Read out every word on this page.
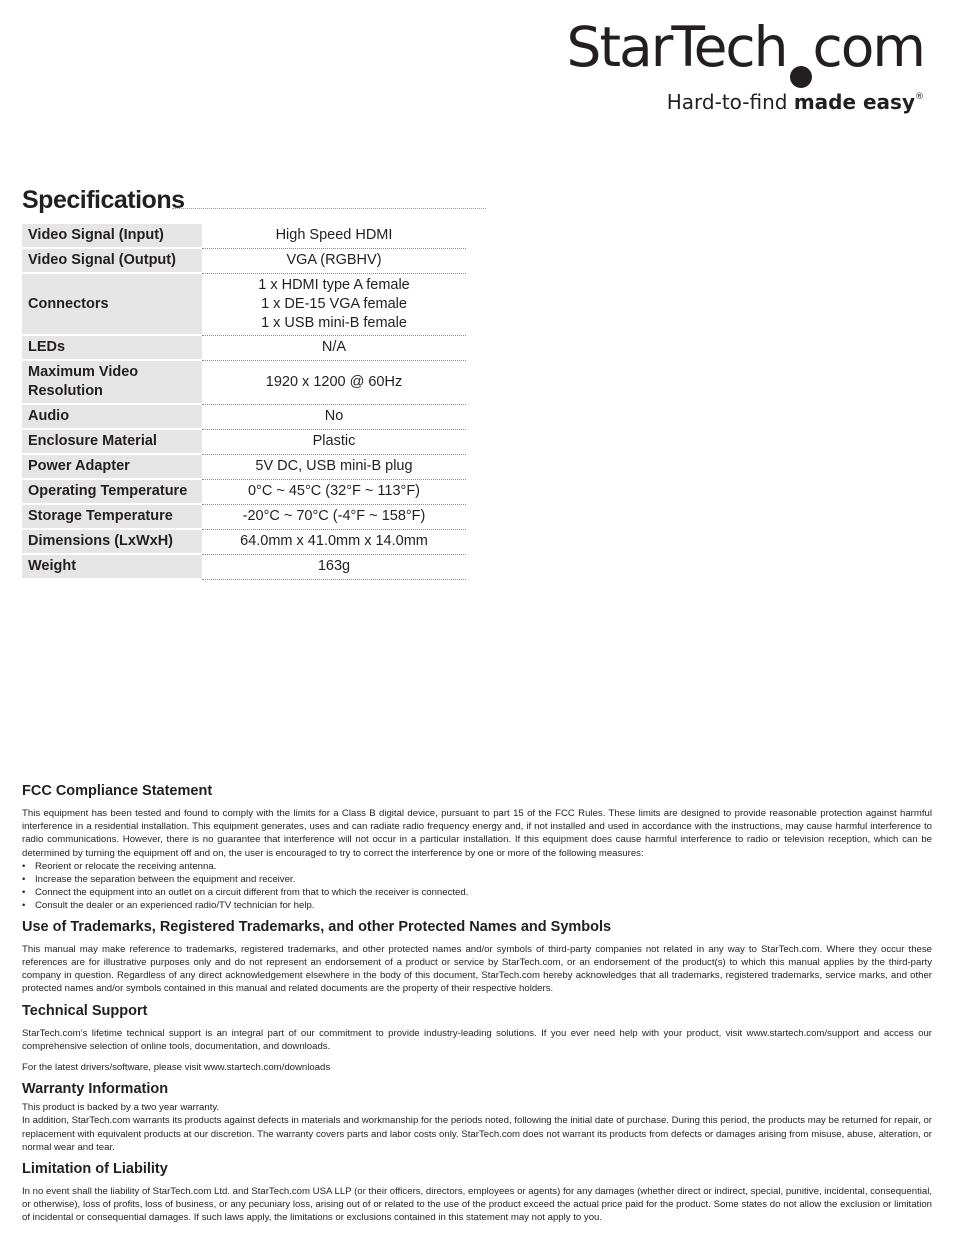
StarTech com
Hard-to-find made easy®
Specifications
Video Signal (Input)	High Speed HDMI
Video Signal (Output)	VGA (RGBHV)
Connectors	1 x HDMI type A female
1 x DE-15 VGA female
1 x USB mini-B female

LEDs	N/A

Maximum Video
Resolution	1920 x 1200 @ 60Hz
Audio	No
Enclosure Material	Plastic
Power Adapter	5V DC, USB mini-B plug
Operating Temperature	0°C ~ 45°C (32°F ~ 113°F)
Storage Temperature	-20°C ~ 70°C (-4°F ~ 158°F)
Dimensions (LxWxH)	64.0mm x 41.0mm x 14.0mm
Weight	163g
FCC Compliance Statement

This equipment has been tested and found to comply with the limits for a Class B digital device, pursuant to part 15 of the FCC Rules. These limits are designed to provide reasonable protection against harmful interference in a residential installation. This equipment generates, uses and can radiate radio frequency energy and, if not installed and used in accordance with the instructions, may cause harmful interference to radio communications. However, there is no guarantee that interference will not occur in a particular installation. If this equipment does cause harmful interference to radio or television reception, which can be determined by turning the equipment off and on, the user is encouraged to try to correct the interference by one or more of the following measures:

• Reorient or relocate the receiving antenna.
• Increase the separation between the equipment and receiver.
• Connect the equipment into an outlet on a circuit different from that to which the receiver is connected.
• Consult the dealer or an experienced radio/TV technician for help.
Use of Trademarks, Registered Trademarks, and other Protected Names and Symbols

This manual may make reference to trademarks, registered trademarks, and other protected names and/or symbols of third-party companies not related in any way to StarTech.com. Where they occur these references are for illustrative purposes only and do not represent an endorsement of a product or service by StarTech.com, or an endorsement of the product(s) to which this manual applies by the third-party company in question. Regardless of any direct acknowledgement elsewhere in the body of this document, StarTech.com hereby acknowledges that all trademarks, registered trademarks, service marks, and other protected names and/or symbols contained in this manual and related documents are the property of their respective holders.

Technical Support

StarTech.com’s lifetime technical support is an integral part of our commitment to provide industry-leading solutions. If you ever need help with your product, visit www.startech.com/support and access our comprehensive selection of online tools, documentation, and downloads.

For the latest drivers/software, please visit www.startech.com/downloads

Warranty Information

This product is backed by a two year warranty.

In addition, StarTech.com warrants its products against defects in materials and workmanship for the periods noted, following the initial date of purchase. During this period, the products may be returned for repair, or replacement with equivalent products at our discretion. The warranty covers parts and labor costs only. StarTech.com does not warrant its products from defects or damages arising from misuse, abuse, alteration, or normal wear and tear.

Limitation of Liability

In no event shall the liability of StarTech.com Ltd. and StarTech.com USA LLP (or their officers, directors, employees or agents) for any damages (whether direct or indirect, special, punitive, incidental, consequential, or otherwise), loss of profits, loss of business, or any pecuniary loss, arising out of or related to the use of the product exceed the actual price paid for the product. Some states do not allow the exclusion or limitation of incidental or consequential damages. If such laws apply, the limitations or exclusions contained in this statement may not apply to you.
